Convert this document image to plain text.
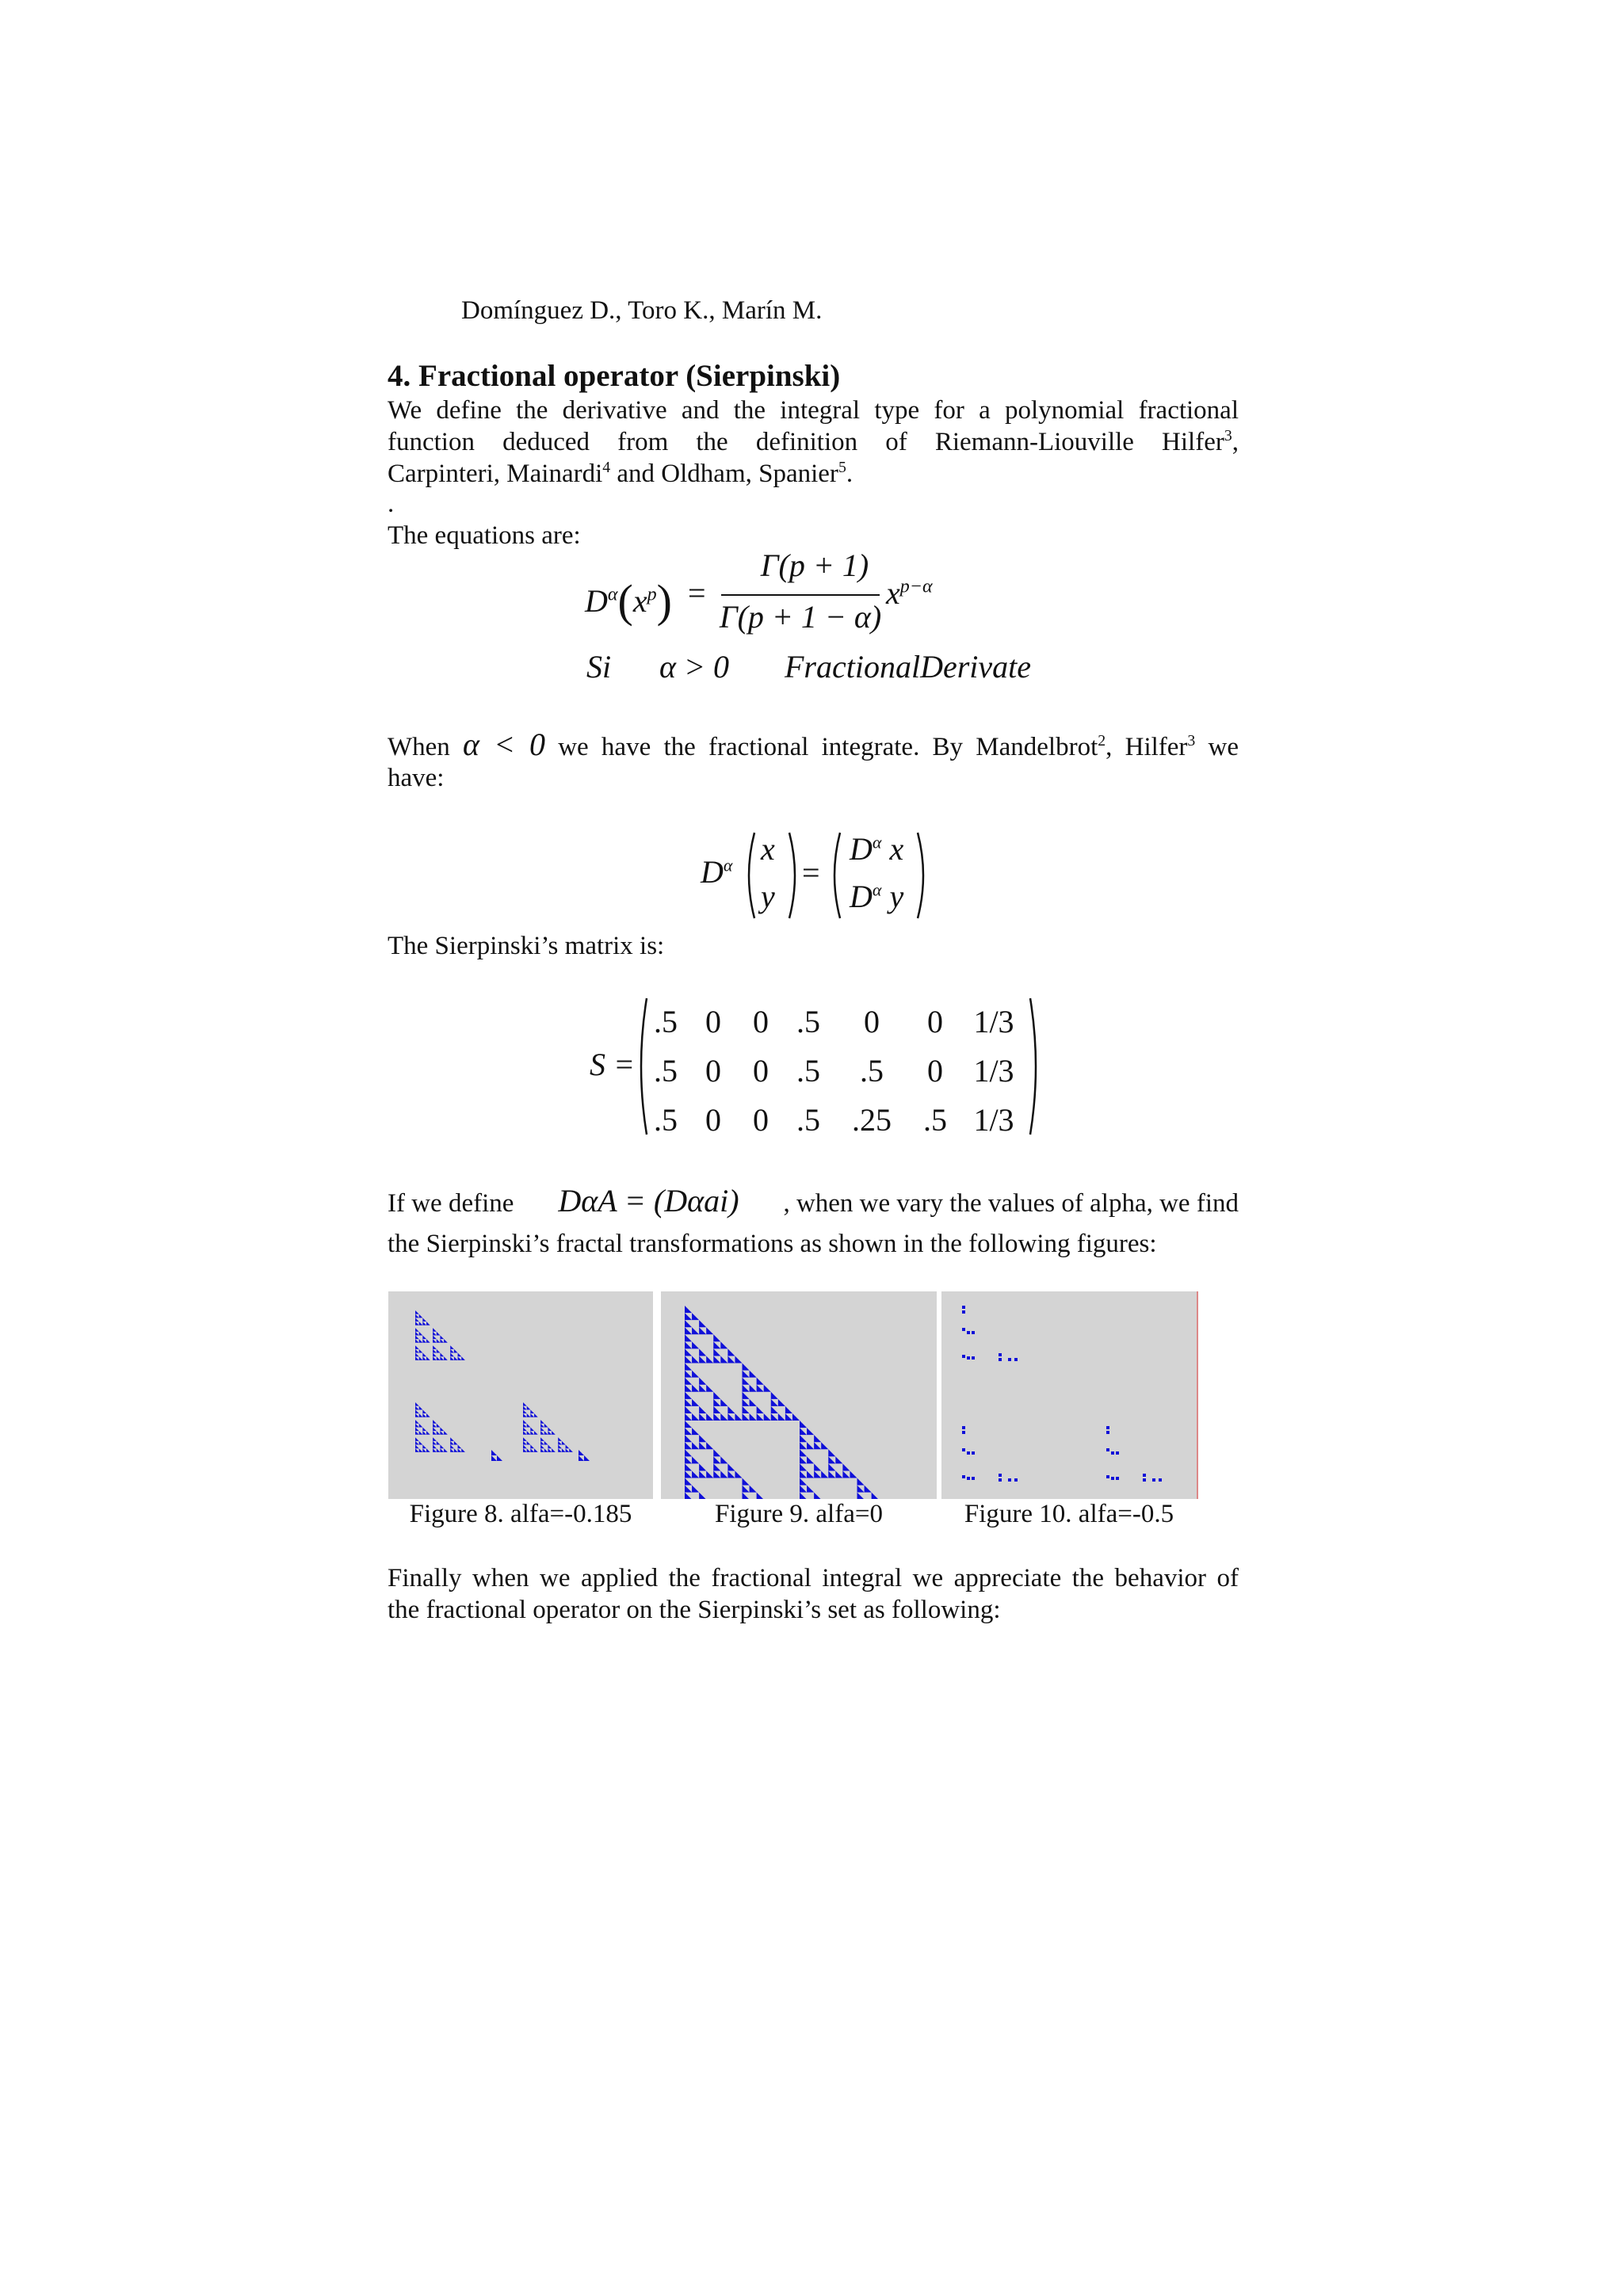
Domínguez D., Toro K., Marín M.
4. Fractional operator (Sierpinski)
We define the derivative and the integral type for a polynomial fractional
function deduced from the definition of Riemann-Liouville Hilfer$^3$,
Carpinteri, Mainardi$^4$ and Oldham, Spanier$^5$.
.
The equations are:
$D^\alpha(x^p)$ =
Γ(p + 1)
Γ(p + 1 − α)
$x^{p-\alpha}$
Si α > 0 FractionalDerivate
When α < 0 we have the fractional integrate. By Mandelbrot$^2$, Hilfer$^3$ we
have:
$D^\alpha$ x
y
=
$D^\alpha$ x
$D^\alpha$ y
The Sierpinski’s matrix is:
S =
.5 0	0 .5	0	0 1/3
.5 0	0 .5	.5	0 1/3
.5 0	0 .5	.25	.5 1/3
If we define DαA = (Dαai) , when we vary the values of alpha, we find
the Sierpinski’s fractal transformations as shown in the following figures:
Figure 8. alfa=-0.185	Figure 9. alfa=0	Figure 10. alfa=-0.5
Finally when we applied the fractional integral we appreciate the behavior of
the fractional operator on the Sierpinski’s set as following:
